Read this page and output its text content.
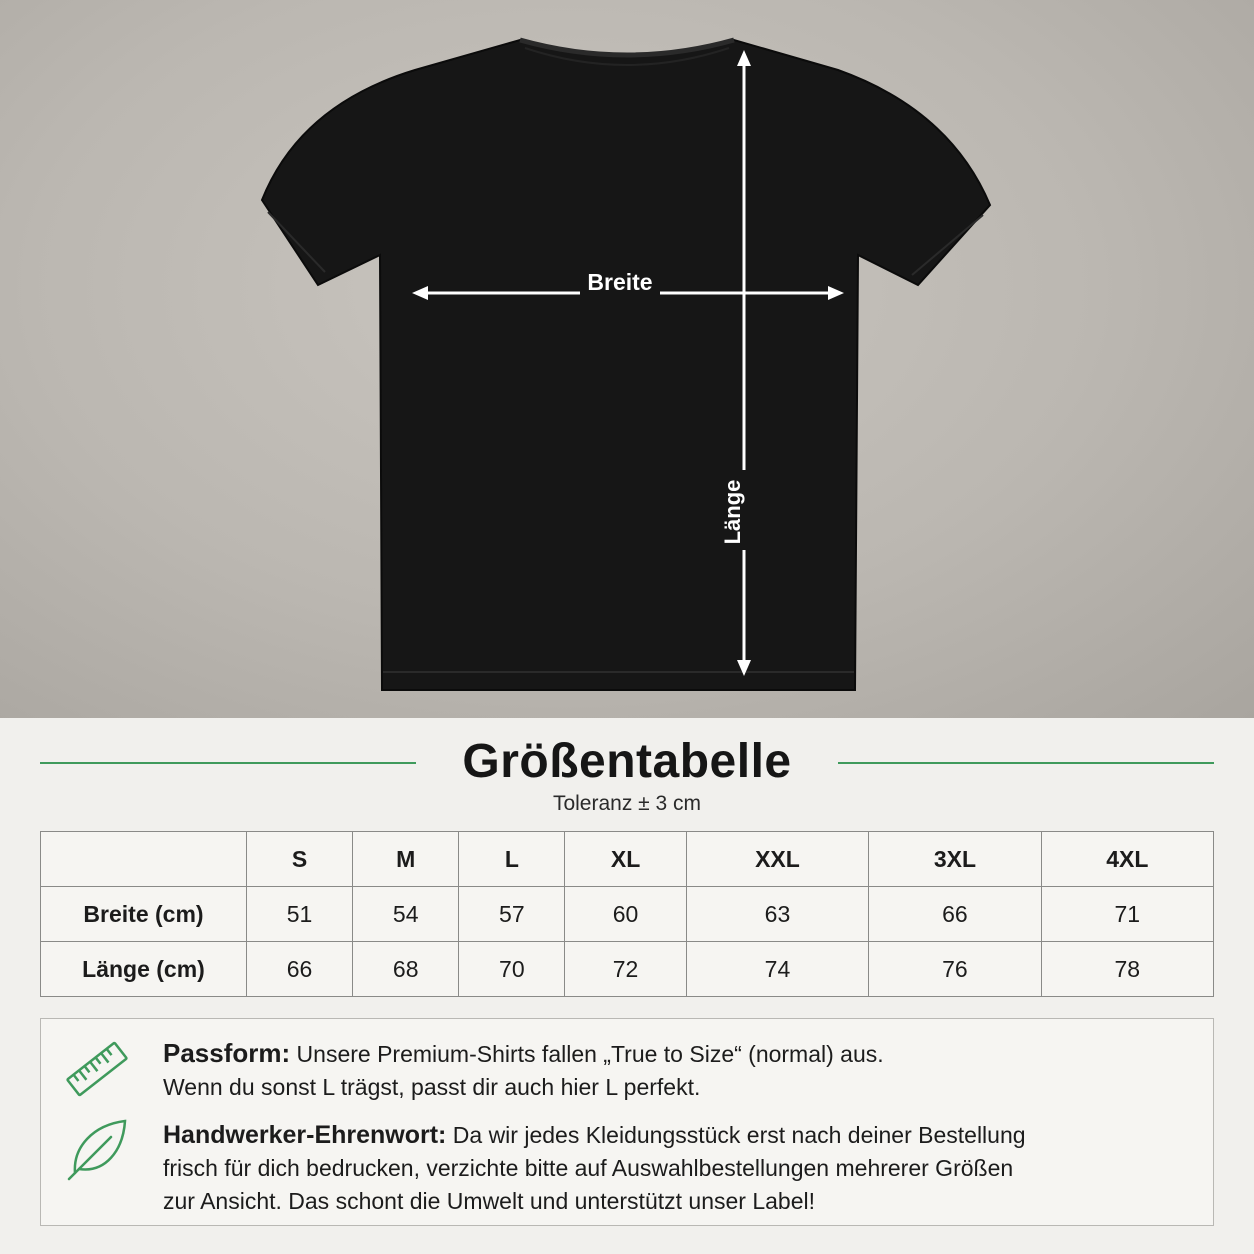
Breite
Länge
Größentabelle
Toleranz ± 3 cm
	S	M	L	XL	XXL	3XL	4XL
Breite (cm)	51	54	57	60	63	66	71
Länge (cm)	66	68	70	72	74	76	78
Passform: Unsere Premium-Shirts fallen „True to Size“ (normal) aus.
Wenn du sonst L trägst, passt dir auch hier L perfekt.
Handwerker-Ehrenwort: Da wir jedes Kleidungsstück erst nach deiner Bestellung
frisch für dich bedrucken, verzichte bitte auf Auswahlbestellungen mehrerer Größen
zur Ansicht. Das schont die Umwelt und unterstützt unser Label!
